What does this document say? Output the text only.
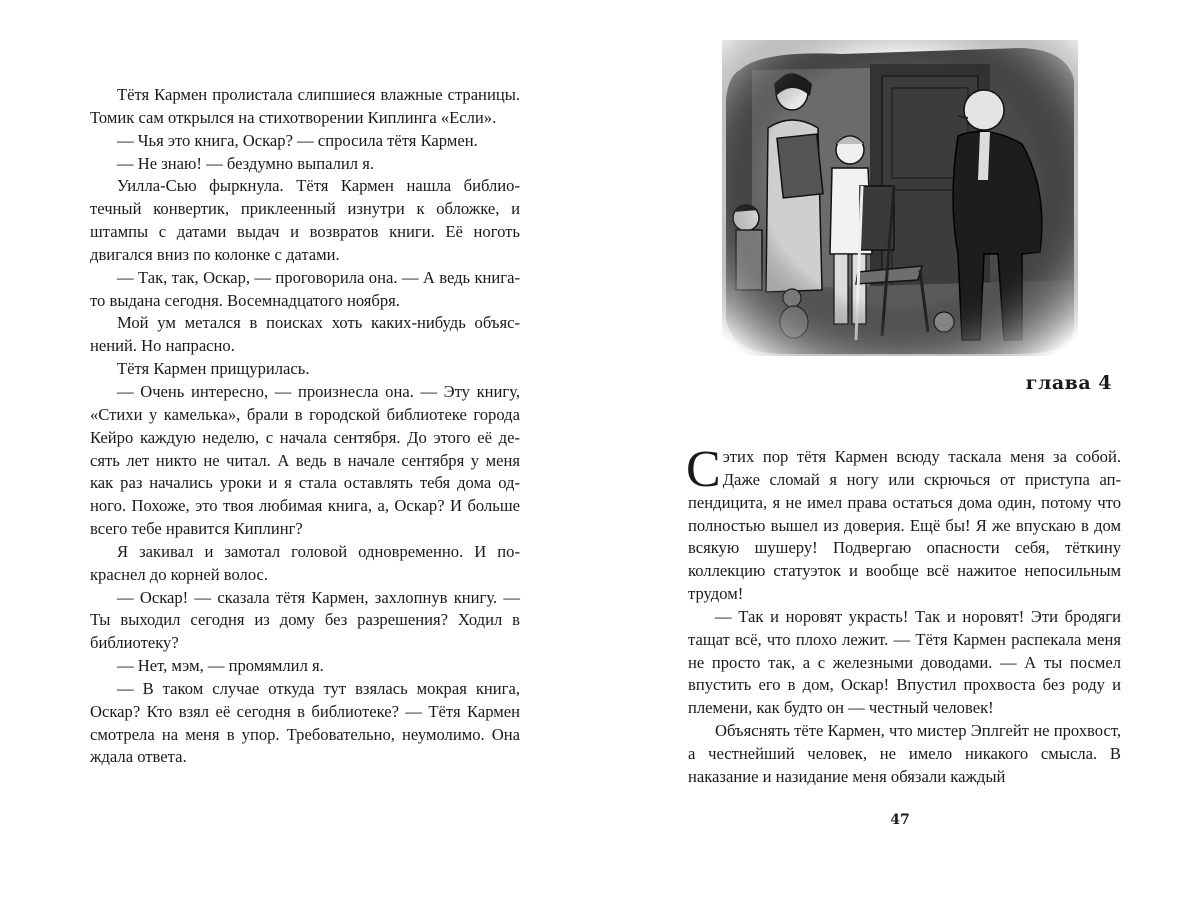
Тётя Кармен пролистала слипшиеся влажные страницы. Томик сам открылся на стихотворении Киплинга «Если».

— Чья это книга, Оскар? — спросила тётя Кармен.

— Не знаю! — бездумно выпалил я.

Уилла-Сью фыркнула. Тётя Кармен нашла библиотечный конвертик, приклеенный изнутри к обложке, и штампы с датами выдач и возвратов книги. Её ноготь двигался вниз по колонке с датами.

— Так, так, Оскар, — проговорила она. — А ведь книга-то выдана сегодня. Восемнадцатого ноября.

Мой ум метался в поисках хоть каких-нибудь объяснений. Но напрасно.

Тётя Кармен прищурилась.

— Очень интересно, — произнесла она. — Эту книгу, «Стихи у камелька», брали в городской библиотеке города Кейро каждую неделю, с начала сентября. До этого её десять лет никто не читал. А ведь в начале сентября у меня как раз начались уроки и я стала оставлять тебя дома одного. Похоже, это твоя любимая книга, а, Оскар? И больше всего тебе нравится Киплинг?

Я закивал и замотал головой одновременно. И покраснел до корней волос.

— Оскар! — сказала тётя Кармен, захлопнув книгу. — Ты выходил сегодня из дому без разрешения? Ходил в библиотеку?

— Нет, мэм, — промямлил я.

— В таком случае откуда тут взялась мокрая книга, Оскар? Кто взял её сегодня в библиотеке? — Тётя Кармен смотрела на меня в упор. Требовательно, неумолимо. Она ждала ответа.

глава 4

Сэтих пор тётя Кармен всюду таскала меня за собой. Даже сломай я ногу или скрючься от приступа аппендицита, я не имел права остаться дома один, потому что полностью вышел из доверия. Ещё бы! Я же впускаю в дом всякую шушеру! Подвергаю опасности себя, тёткину коллекцию статуэток и вообще всё нажитое непосильным трудом!

— Так и норовят украсть! Так и норовят! Эти бродяги тащат всё, что плохо лежит. — Тётя Кармен распекала меня не просто так, а с железными доводами. — А ты посмел впустить его в дом, Оскар! Впустил прохвоста без роду и племени, как будто он — честный человек!

Объяснять тёте Кармен, что мистер Эплгейт не прохвост, а честнейший человек, не имело никакого смысла. В наказание и назидание меня обязали каждый

47
